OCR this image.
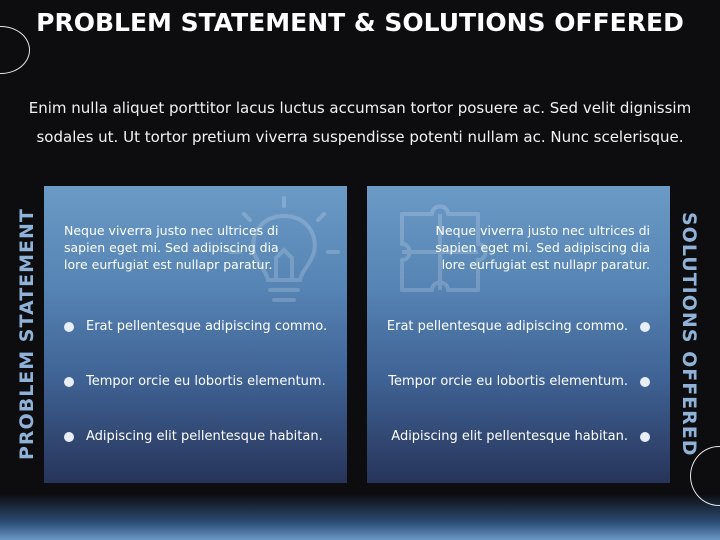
PROBLEM STATEMENT & SOLUTIONS OFFERED
Enim nulla aliquet porttitor lacus luctus accumsan tortor posuere ac. Sed velit dignissim sodales ut. Ut tortor pretium viverra suspendisse potenti nullam ac. Nunc scelerisque.
PROBLEM STATEMENT	Neque viverra justo nec ultrices di sapien eget mi. Sed adipiscing dia lore eurfugiat est nullapr paratur.
Erat pellentesque adipiscing commo.
Tempor orcie eu lobortis elementum.
Adipiscing elit pellentesque habitan.
Neque viverra justo nec ultrices di sapien eget mi. Sed adipiscing dia lore eurfugiat est nullapr paratur.
Erat pellentesque adipiscing commo.
Tempor orcie eu lobortis elementum.
Adipiscing elit pellentesque habitan.	SOLUTIONS OFFERED
